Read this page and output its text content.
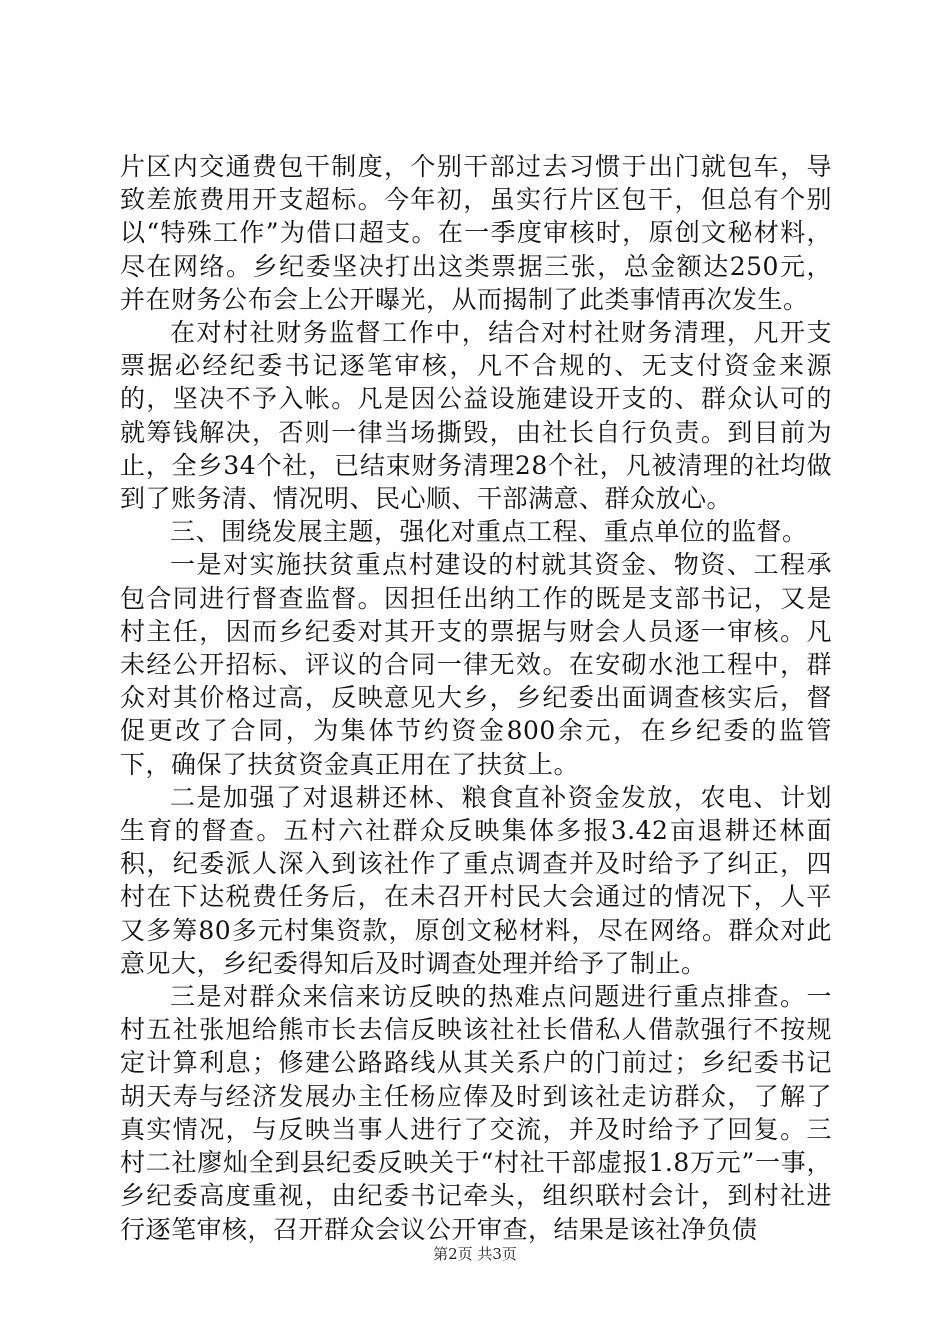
片区内交通费包干制度，个别干部过去习惯于出门就包车，导致差旅费用开支超标。今年初，虽实行片区包干，但总有个别以“特殊工作”为借口超支。在一季度审核时，原创文秘材料，尽在网络。乡纪委坚决打出这类票据三张，总金额达250元，并在财务公布会上公开曝光，从而揭制了此类事情再次发生。

在对村社财务监督工作中，结合对村社财务清理，凡开支票据必经纪委书记逐笔审核，凡不合规的、无支付资金来源的，坚决不予入帐。凡是因公益设施建设开支的、群众认可的就筹钱解决，否则一律当场撕毁，由社长自行负责。到目前为止，全乡34个社，已结束财务清理28个社，凡被清理的社均做到了账务清、情况明、民心顺、干部满意、群众放心。

三、围绕发展主题，强化对重点工程、重点单位的监督。

一是对实施扶贫重点村建设的村就其资金、物资、工程承包合同进行督查监督。因担任出纳工作的既是支部书记，又是村主任，因而乡纪委对其开支的票据与财会人员逐一审核。凡未经公开招标、评议的合同一律无效。在安砌水池工程中，群众对其价格过高，反映意见大乡，乡纪委出面调查核实后，督促更改了合同，为集体节约资金800余元，在乡纪委的监管下，确保了扶贫资金真正用在了扶贫上。

二是加强了对退耕还林、粮食直补资金发放，农电、计划生育的督查。五村六社群众反映集体多报3.42亩退耕还林面积，纪委派人深入到该社作了重点调查并及时给予了纠正，四村在下达税费任务后，在未召开村民大会通过的情况下，人平又多筹80多元村集资款，原创文秘材料，尽在网络。群众对此意见大，乡纪委得知后及时调查处理并给予了制止。

三是对群众来信来访反映的热难点问题进行重点排查。一村五社张旭给熊市长去信反映该社社长借私人借款强行不按规定计算利息；修建公路路线从其关系户的门前过；乡纪委书记胡天寿与经济发展办主任杨应俸及时到该社走访群众，了解了真实情况，与反映当事人进行了交流，并及时给予了回复。三村二社廖灿全到县纪委反映关于“村社干部虚报1.8万元”一事，乡纪委高度重视，由纪委书记牵头，组织联村会计，到村社进行逐笔审核，召开群众会议公开审查，结果是该社净负债

第2页 共3页
